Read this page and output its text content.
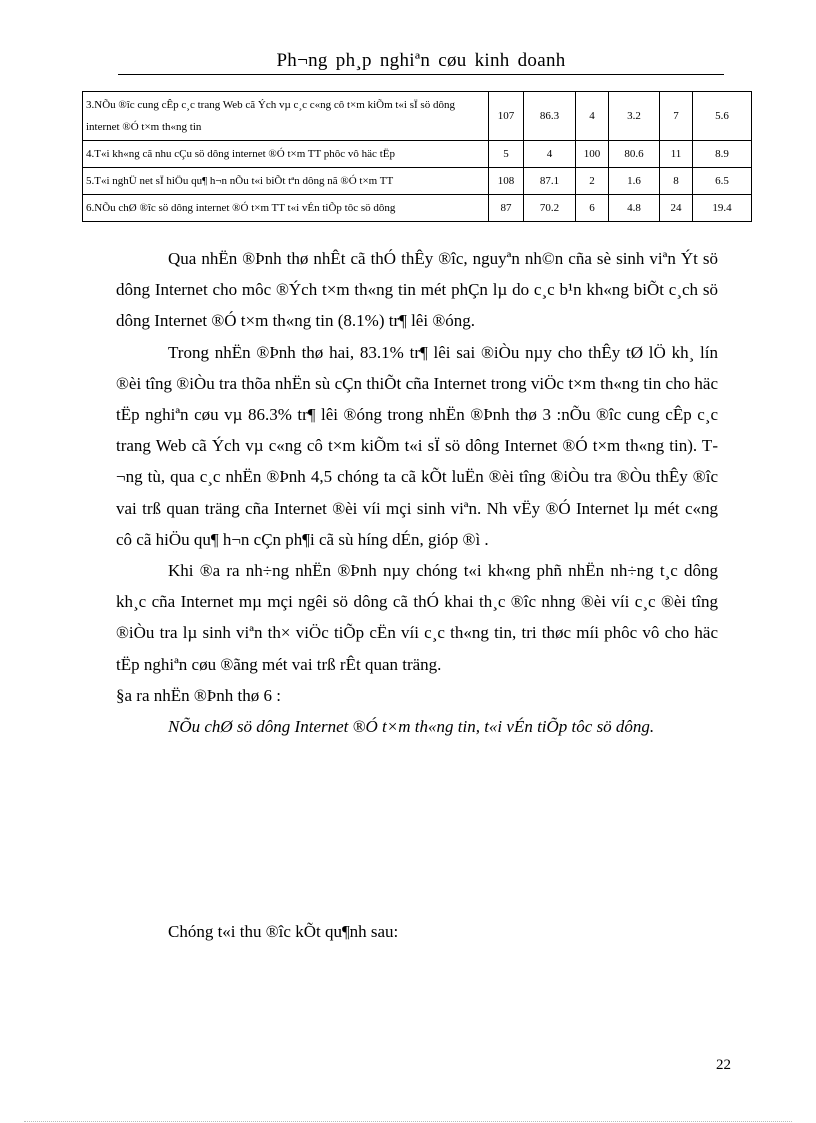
Ph¬ng ph¸p nghiªn cøu kinh doanh
3.NÕu ®îc cung cÊp c¸c trang Web cã Ých vµ c¸c c«ng cô t×m kiÕm t«i sÏ sö dông internet ®Ó t×m th«ng tin	107	86.3	4	3.2	7	5.6
4.T«i kh«ng cã nhu cÇu sö dông internet ®Ó t×m TT phôc vô häc tËp	5	4	100	80.6	11	8.9
5.T«i nghÜ net sÏ hiÖu qu¶ h¬n nÕu t«i biÕt tªn dông nã ®Ó t×m TT	108	87.1	2	1.6	8	6.5
6.NÕu chØ ®îc sö dông internet ®Ó t×m TT t«i vÉn tiÕp tôc sö dông	87	70.2	6	4.8	24	19.4

Qua nhËn ®Þnh thø nhÊt cã thÓ thÊy ®îc, nguyªn nh©n cña sè sinh viªn Ýt sö dông Internet cho môc ®Ých t×m th«ng tin mét phÇn lµ do c¸c b¹n kh«ng biÕt c¸ch sö dông Internet ®Ó t×m th«ng tin (8.1%) tr¶ lêi ®óng.

Trong nhËn ®Þnh thø hai, 83.1% tr¶ lêi sai ®iÒu nµy cho thÊy tØ lÖ kh¸ lín ®èi tîng ®iÒu tra thõa nhËn sù cÇn thiÕt cña Internet trong viÖc t×m th«ng tin cho häc tËp nghiªn cøu vµ 86.3% tr¶ lêi ®óng trong nhËn ®Þnh thø 3 :nÕu ®îc cung cÊp c¸c trang Web cã Ých vµ c«ng cô t×m kiÕm t«i sÏ sö dông Internet ®Ó t×m th«ng tin). T¬ng tù, qua c¸c nhËn ®Þnh 4,5 chóng ta cã kÕt luËn ®èi tîng ®iÒu tra ®Òu thÊy ®îc vai trß quan träng cña Internet ®èi víi mçi sinh viªn. Nh vËy ®Ó Internet lµ mét c«ng cô cã hiÖu qu¶ h¬n cÇn ph¶i cã sù híng dÉn, gióp ®ì .

Khi ®a ra nh÷ng nhËn ®Þnh nµy chóng t«i kh«ng phñ nhËn nh÷ng t¸c dông kh¸c cña Internet mµ mçi ngêi sö dông cã thÓ khai th¸c ®îc nhng ®èi víi c¸c ®èi tîng ®iÒu tra lµ sinh viªn th× viÖc tiÕp cËn víi c¸c th«ng tin, tri thøc míi phôc vô cho häc tËp nghiªn cøu ®ãng mét vai trß rÊt quan träng.

§a ra nhËn ®Þnh thø 6 :

NÕu chØ sö dông Internet ®Ó t×m th«ng tin, t«i vÉn tiÕp tôc sö dông.

Chóng t«i thu ®îc kÕt qu¶nh sau:
22
